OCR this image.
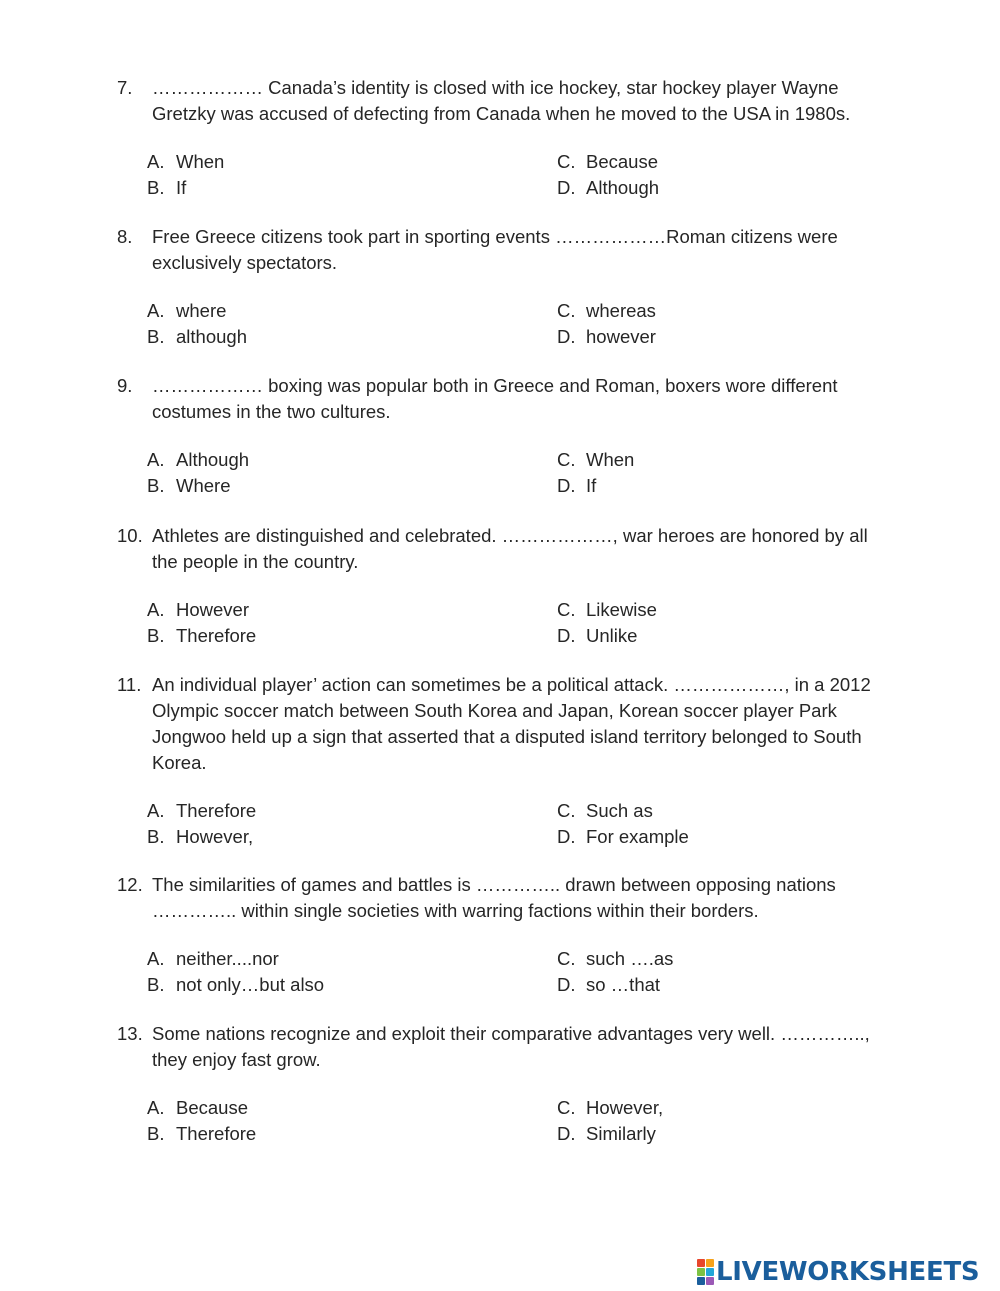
7.	……………… Canada’s identity is closed with ice hockey, star hockey player Wayne Gretzky was accused of defecting from Canada when he moved to the USA in 1980s.
A. When
B. If
C. Because
D. Although
8.	Free Greece citizens took part in sporting events ………………Roman citizens were exclusively spectators.
A. where
B. although
C. whereas
D. however
9.	……………… boxing was popular both in Greece and Roman, boxers wore different costumes in the two cultures.
A. Although
B. Where
C. When
D. If
10. Athletes are distinguished and celebrated. ………………, war heroes are honored by all the people in the country.
A. However
B. Therefore
C. Likewise
D. Unlike
11. An individual player’ action can sometimes be a political attack. ………………, in a 2012 Olympic soccer match between South Korea and Japan, Korean soccer player Park Jongwoo held up a sign that asserted that a disputed island territory belonged to South Korea.
A. Therefore
B. However,
C. Such as
D. For example
12. The similarities of games and battles is ………….. drawn between opposing nations ………….. within single societies with warring factions within their borders.
A. neither....nor
B. not only…but also
C. such ….as
D. so …that
13. Some nations recognize and exploit their comparative advantages very well. ………….., they enjoy fast grow.
A. Because
B. Therefore
C. However,
D. Similarly
LIVEWORKSHEETS
